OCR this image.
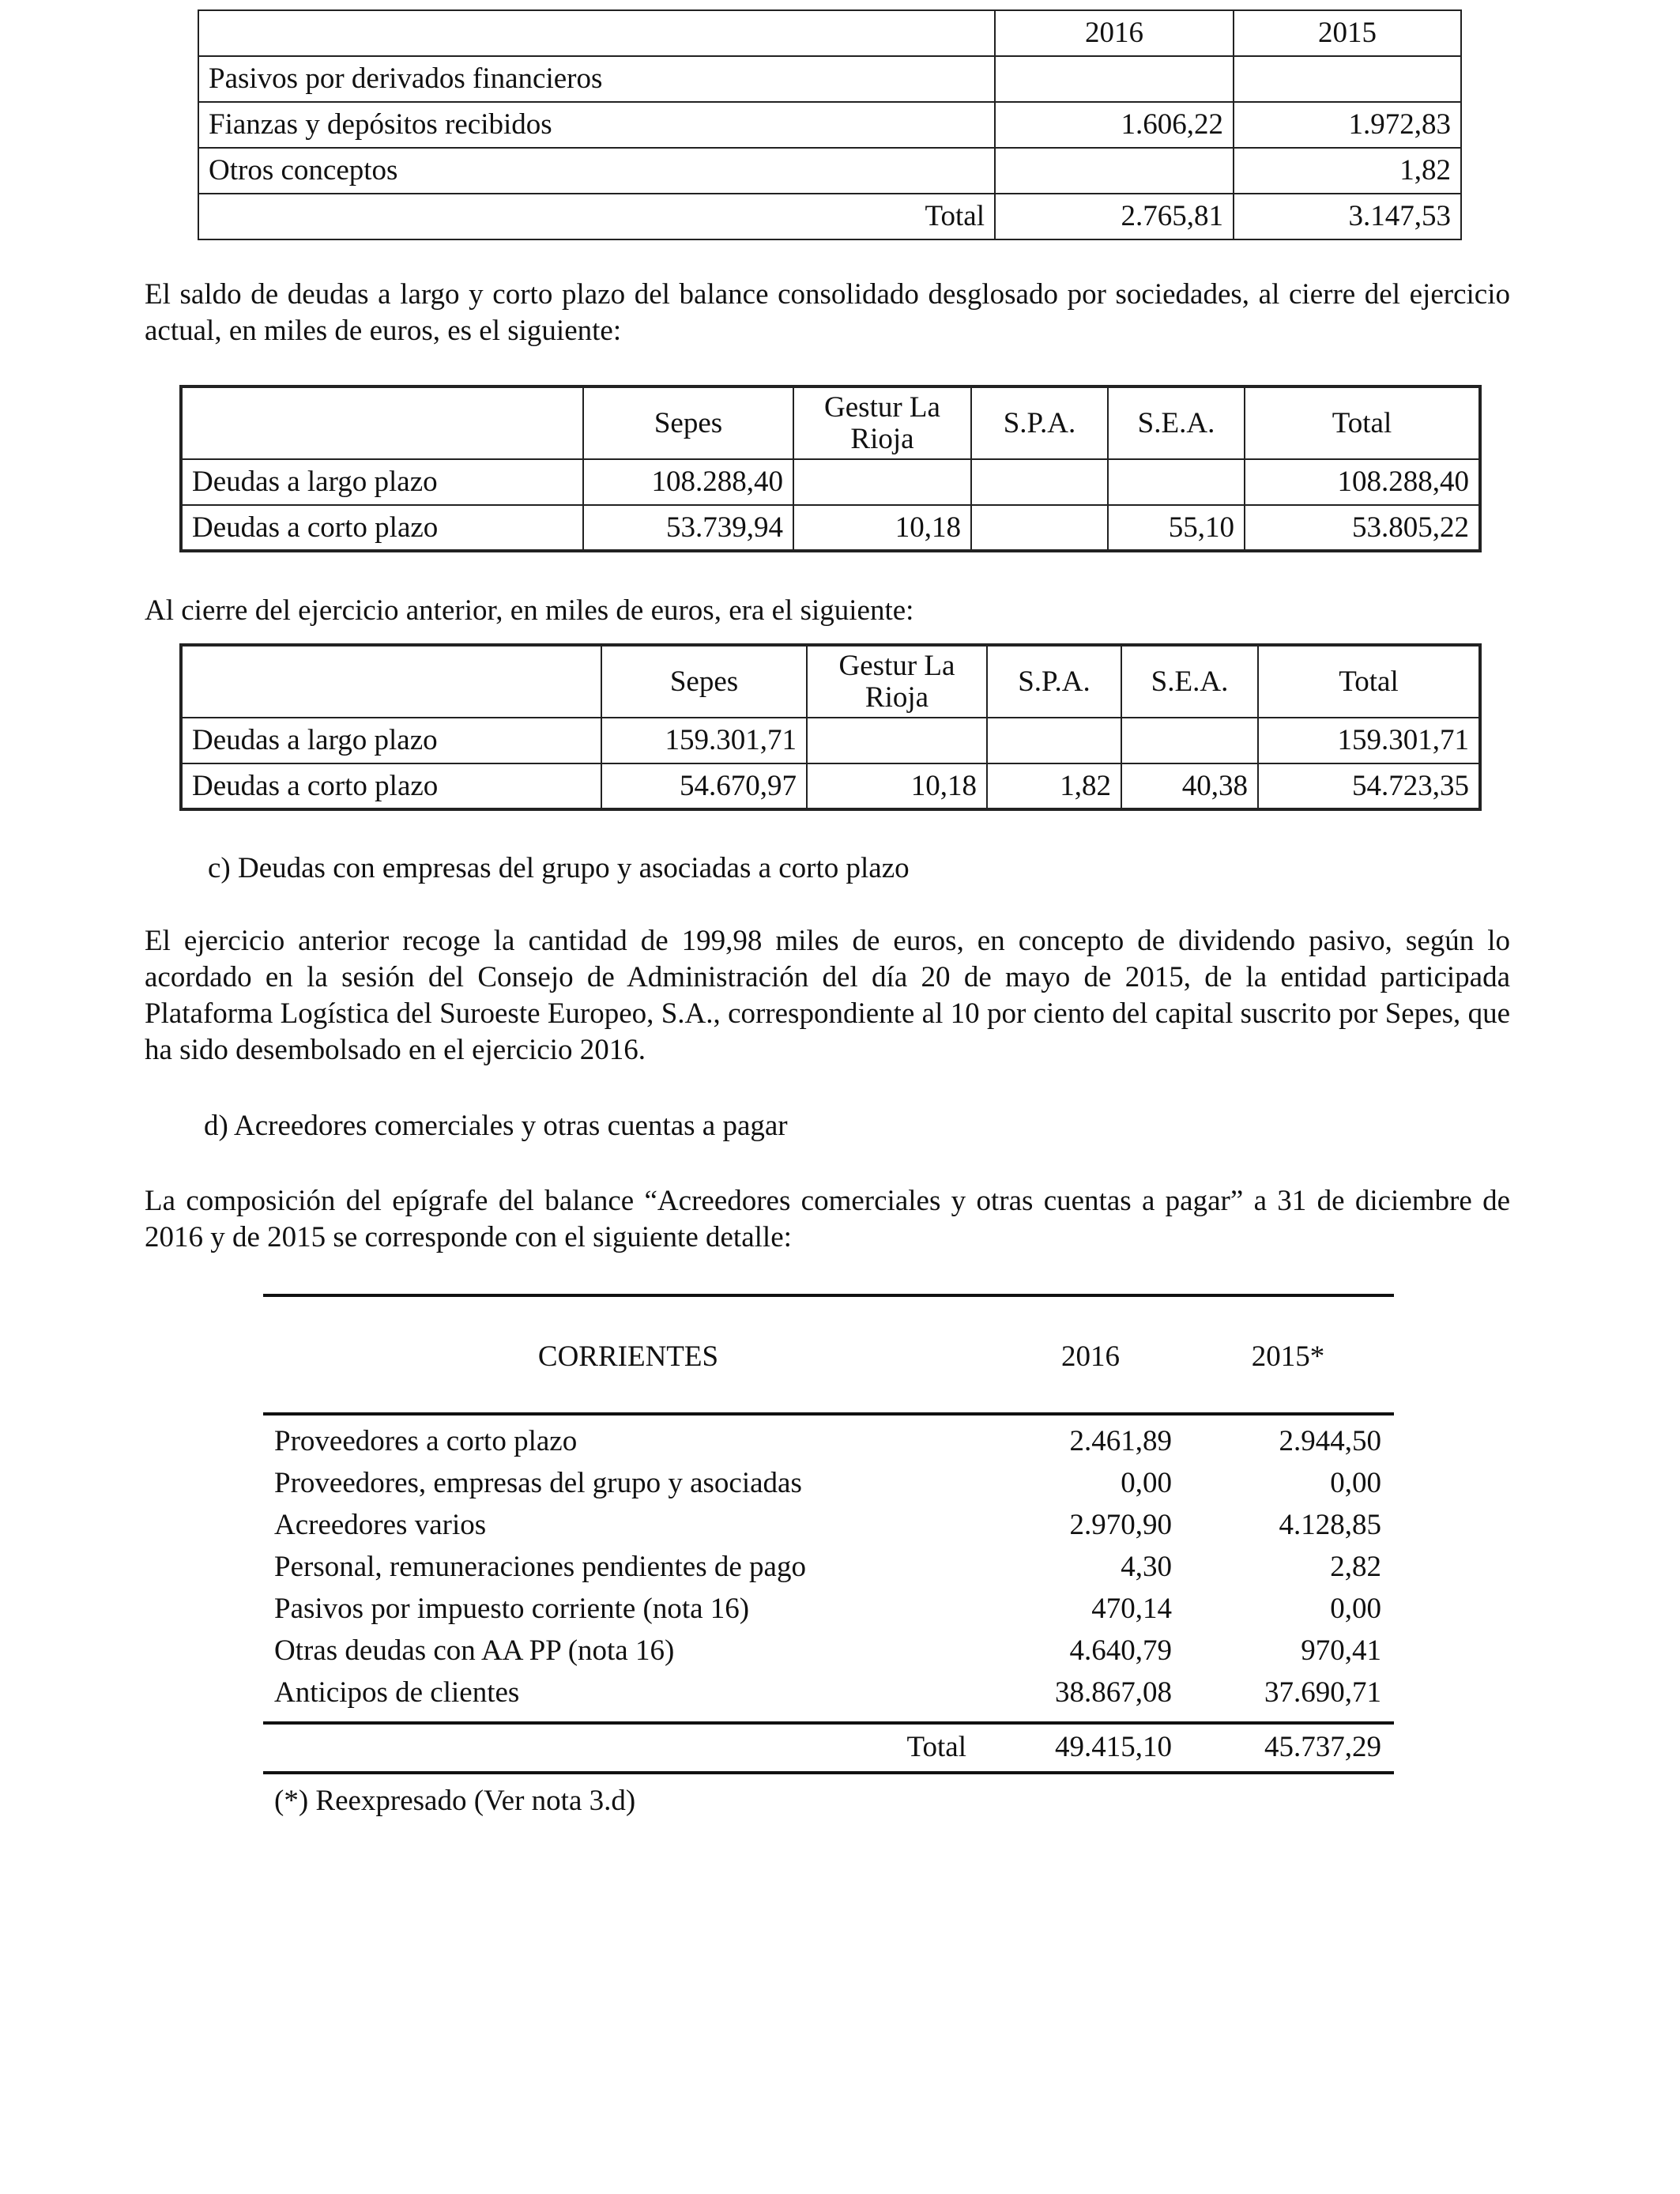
	2016	2015
Pasivos por derivados financieros		
Fianzas y depósitos recibidos	1.606,22	1.972,83
Otros conceptos		1,82
Total	2.765,81	3.147,53
El saldo de deudas a largo y corto plazo del balance consolidado desglosado por sociedades, al cierre del ejercicio actual, en miles de euros, es el siguiente:
	Sepes	Gestur La Rioja	S.P.A.	S.E.A.	Total
Deudas a largo plazo	108.288,40				108.288,40
Deudas a corto plazo	53.739,94	10,18		55,10	53.805,22
Al cierre del ejercicio anterior, en miles de euros, era el siguiente:
	Sepes	Gestur La Rioja	S.P.A.	S.E.A.	Total
Deudas a largo plazo	159.301,71				159.301,71
Deudas a corto plazo	54.670,97	10,18	1,82	40,38	54.723,35
c) Deudas con empresas del grupo y asociadas a corto plazo
El ejercicio anterior recoge la cantidad de 199,98 miles de euros, en concepto de dividendo pasivo, según lo acordado en la sesión del Consejo de Administración del día 20 de mayo de 2015, de la entidad participada Plataforma Logística del Suroeste Europeo, S.A., correspondiente al 10 por ciento del capital suscrito por Sepes, que ha sido desembolsado en el ejercicio 2016.
d) Acreedores comerciales y otras cuentas a pagar
La composición del epígrafe del balance “Acreedores comerciales y otras cuentas a pagar” a 31 de diciembre de 2016 y de 2015 se corresponde con el siguiente detalle:
CORRIENTES	2016	2015*
Proveedores a corto plazo	2.461,89	2.944,50
Proveedores, empresas del grupo y asociadas	0,00	0,00
Acreedores varios	2.970,90	4.128,85
Personal, remuneraciones pendientes de pago	4,30	2,82
Pasivos por impuesto corriente (nota 16)	470,14	0,00
Otras deudas con AA PP (nota 16)	4.640,79	970,41
Anticipos de clientes	38.867,08	37.690,71
Total	49.415,10	45.737,29
(*) Reexpresado (Ver nota 3.d)
